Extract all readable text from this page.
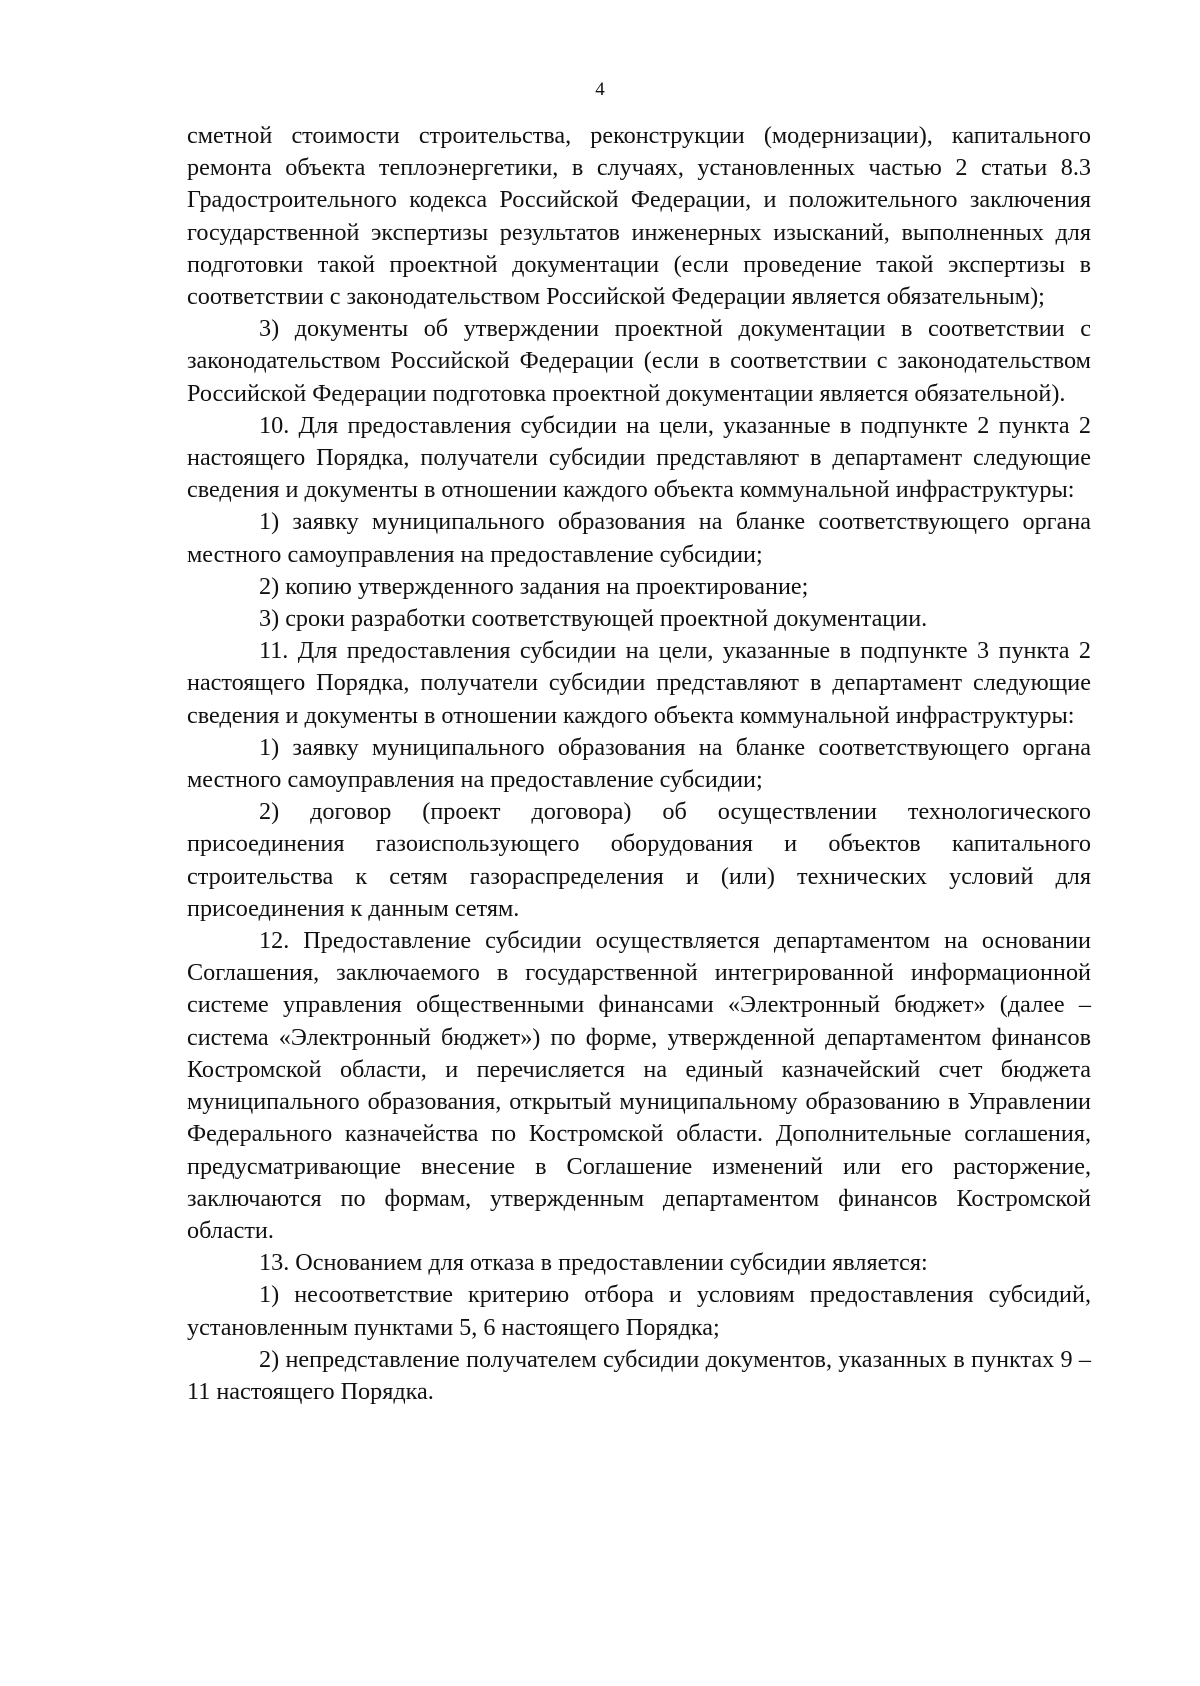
4

сметной стоимости строительства, реконструкции (модернизации), капитального ремонта объекта теплоэнергетики, в случаях, установленных частью 2 статьи 8.3 Градостроительного кодекса Российской Федерации, и положительного заключения государственной экспертизы результатов инженерных изысканий, выполненных для подготовки такой проектной документации (если проведение такой экспертизы в соответствии с законодательством Российской Федерации является обязательным);

3) документы об утверждении проектной документации в соответствии с законодательством Российской Федерации (если в соответствии с законодательством Российской Федерации подготовка проектной документации является обязательной).

10. Для предоставления субсидии на цели, указанные в подпункте 2 пункта 2 настоящего Порядка, получатели субсидии представляют в департамент следующие сведения и документы в отношении каждого объекта коммунальной инфраструктуры:

1) заявку муниципального образования на бланке соответствующего органа местного самоуправления на предоставление субсидии;

2) копию утвержденного задания на проектирование;

3) сроки разработки соответствующей проектной документации.

11. Для предоставления субсидии на цели, указанные в подпункте 3 пункта 2 настоящего Порядка, получатели субсидии представляют в департамент следующие сведения и документы в отношении каждого объекта коммунальной инфраструктуры:

1) заявку муниципального образования на бланке соответствующего органа местного самоуправления на предоставление субсидии;

2) договор (проект договора) об осуществлении технологического присоединения газоиспользующего оборудования и объектов капитального строительства к сетям газораспределения и (или) технических условий для присоединения к данным сетям.

12. Предоставление субсидии осуществляется департаментом на основании Соглашения, заключаемого в государственной интегрированной информационной системе управления общественными финансами «Электронный бюджет» (далее – система «Электронный бюджет») по форме, утвержденной департаментом финансов Костромской области, и перечисляется на единый казначейский счет бюджета муниципального образования, открытый муниципальному образованию в Управлении Федерального казначейства по Костромской области. Дополнительные соглашения, предусматривающие внесение в Соглашение изменений или его расторжение, заключаются по формам, утвержденным департаментом финансов Костромской области.

13. Основанием для отказа в предоставлении субсидии является:

1) несоответствие критерию отбора и условиям предоставления субсидий, установленным пунктами 5, 6 настоящего Порядка;

2) непредставление получателем субсидии документов, указанных в пунктах 9 – 11 настоящего Порядка.
